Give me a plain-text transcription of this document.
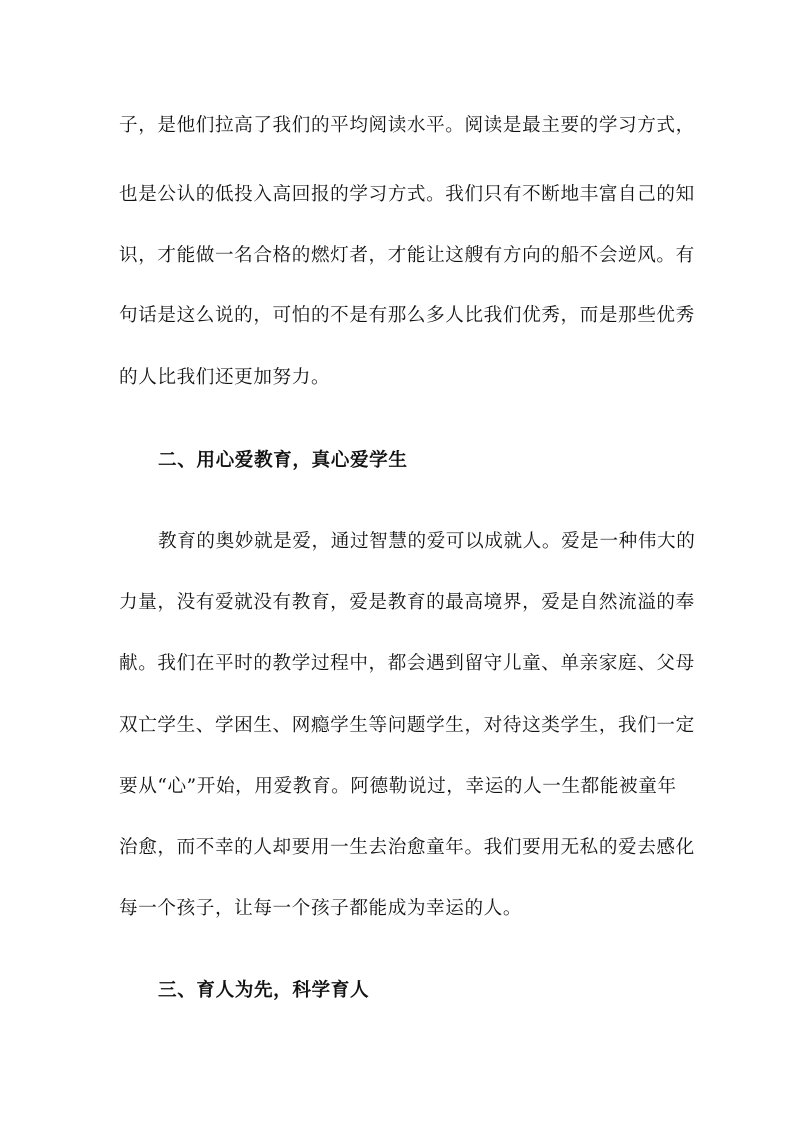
子，是他们拉高了我们的平均阅读水平。阅读是最主要的学习方式，
也是公认的低投入高回报的学习方式。我们只有不断地丰富自己的知
识，才能做一名合格的燃灯者，才能让这艘有方向的船不会逆风。有
句话是这么说的，可怕的不是有那么多人比我们优秀，而是那些优秀
的人比我们还更加努力。
二、用心爱教育，真心爱学生
教育的奥妙就是爱，通过智慧的爱可以成就人。爱是一种伟大的
力量，没有爱就没有教育，爱是教育的最高境界，爱是自然流溢的奉
献。我们在平时的教学过程中，都会遇到留守儿童、单亲家庭、父母
双亡学生、学困生、网瘾学生等问题学生，对待这类学生，我们一定
要从“心”开始，用爱教育。阿德勒说过，幸运的人一生都能被童年
治愈，而不幸的人却要用一生去治愈童年。我们要用无私的爱去感化
每一个孩子，让每一个孩子都能成为幸运的人。
三、育人为先，科学育人
